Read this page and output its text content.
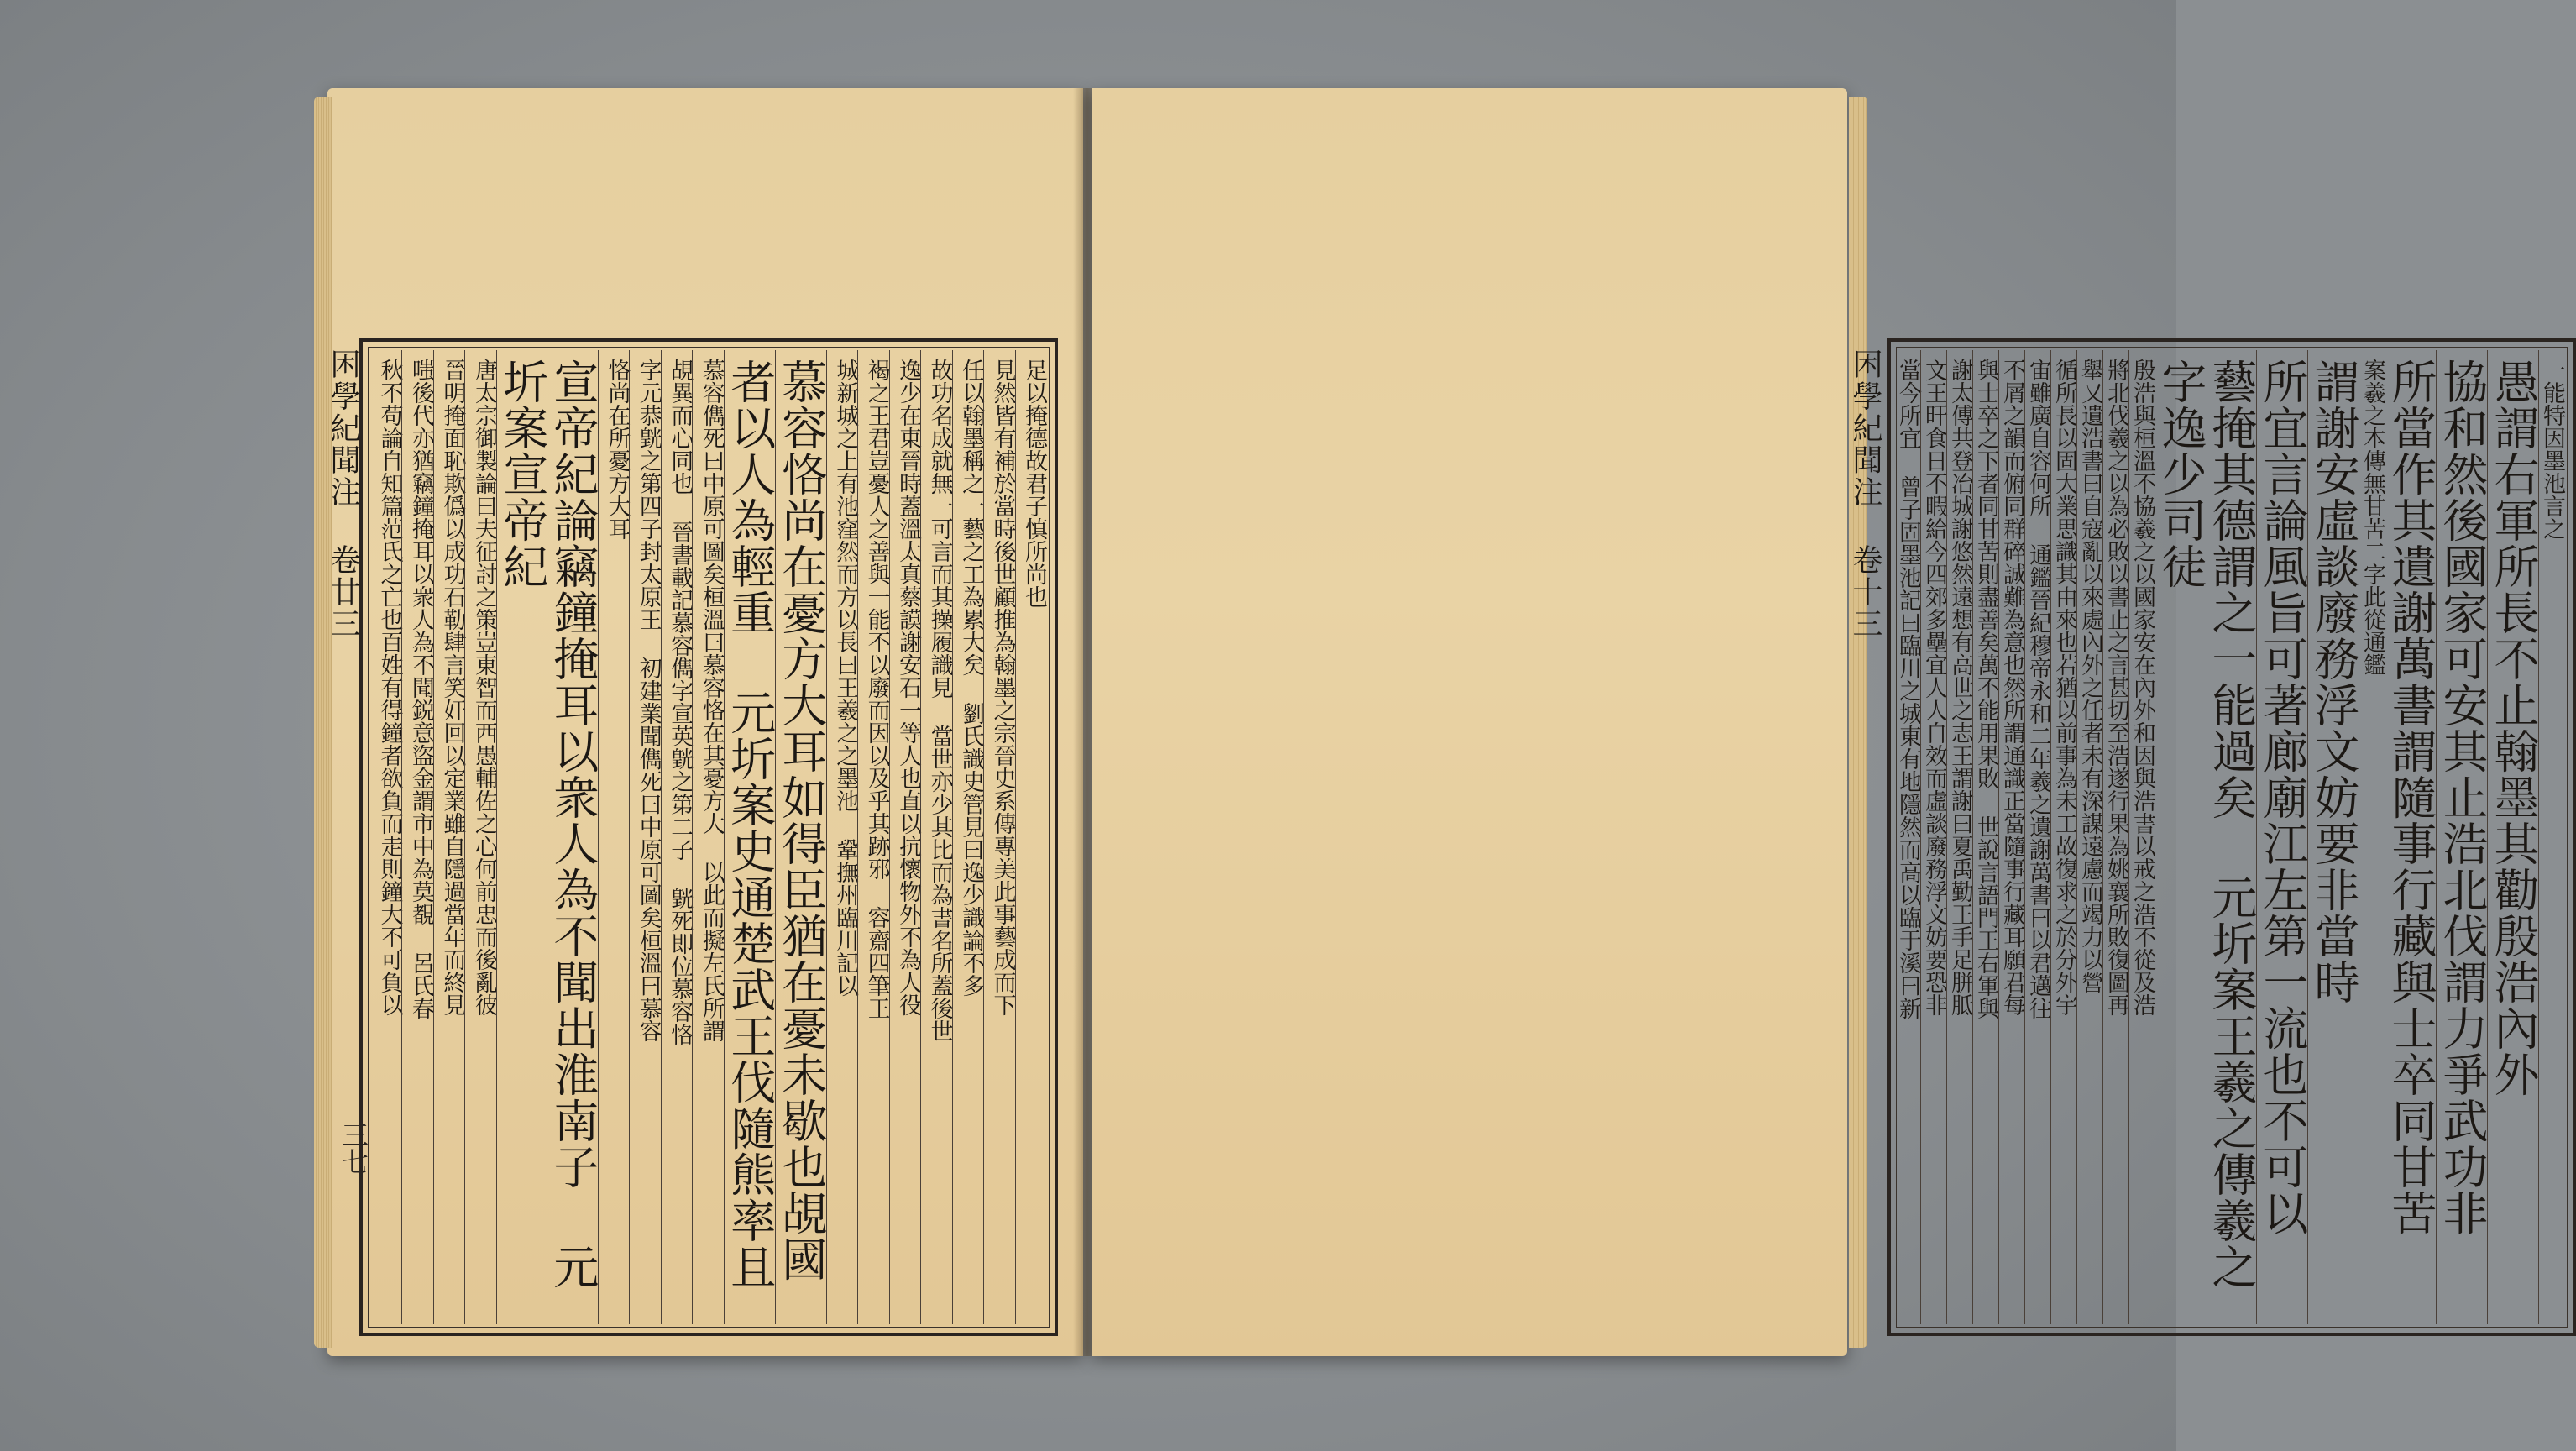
困學紀聞注 卷廿三	足以掩德故君子慎所尚也
見然皆有補於當時後世顧推為翰墨之宗晉史系傳專美此事藝成而下
任以翰墨稱之一藝之工為累大矣 劉氏識史管見曰逸少識論不多
故功名成就無一可言而其操履識見 當世亦少其比而為書名所蓋後世
逸少在東晉時蓋溫太真蔡謨謝安石一等人也直以抗懷物外不為人役
褐之王君豈憂人之善與一能不以廢而因以及乎其跡邪 容齋四筆王
城新城之上有池窪然而方以長曰王羲之之墨池 鞏撫州臨川記以
慕容恪尚在憂方大耳如得臣猶在憂未歇也覘國
者以人為輕重 元圻案史通楚武王伐隨熊率且
慕容儁死曰中原可圖矣桓溫曰慕容恪在其憂方大 以此而擬左氏所謂
覘異而心同也 晉書載記慕容儁字宣英皝之第二子 皝死即位慕容恪
字元恭皝之第四子封太原王 初建業聞儁死曰中原可圖矣桓溫曰慕容
恪尚在所憂方大耳
宣帝紀論竊鐘掩耳以衆人為不聞出淮南子 元圻案宣帝紀
唐太宗御製論曰夫征討之策豈東智而西愚輔佐之心何前忠而後亂彼
晉明掩面恥欺僞以成功石勒肆言笑奸回以定業雖自隱過當年而終見
嗤後代亦猶竊鐘掩耳以衆人為不聞鋭意盜金謂市中為莫覩 呂氏春
秋不苟論自知篇范氏之亡也百姓有得鐘者欲負而走則鐘大不可負以	困學紀聞注 卷十三	一能特因墨池言之
愚謂右軍所長不止翰墨其勸殷浩內外
協和然後國家可安其止浩北伐謂力爭武功非
所當作其遺謝萬書謂隨事行藏與士卒同甘苦
案羲之本傳無甘苦二字此從通鑑
謂謝安虛談廢務浮文妨要非當時
所宜言論風旨可著廊廟江左第一流也不可以
藝掩其德謂之一能過矣 元圻案王羲之傳羲之字逸少司徒
殷浩與桓溫不協羲之以國家安在內外和因與浩書以戒之浩不從及浩
將北伐羲之以為必敗以書止之言甚切至浩遂行果為姚襄所敗復圖再
舉又遺浩書曰自寇亂以來處內外之任者未有深謀遠慮而竭力以營
循所長以固大業思識其由來也若猶以前事為未工故復求之於分外宇
宙雖廣自容何所 通鑑晉紀穆帝永和二年羲之遺謝萬書曰以君邁往
不屑之韻而俯同群碎誠難為意也然所謂通識正當隨事行藏耳願君每
與士卒之下者同甘苦則盡善矣萬不能用果敗 世說言語門王右軍與
謝太傅共登冶城謝悠然遠想有高世之志王謂謝曰夏禹勤王手足胼胝
文王旰食日不暇給今四郊多壘宜人人自效而虛談廢務浮文妨要恐非
當今所宜 曾子固墨池記曰臨川之城東有地隱然而高以臨于溪曰新
三七
